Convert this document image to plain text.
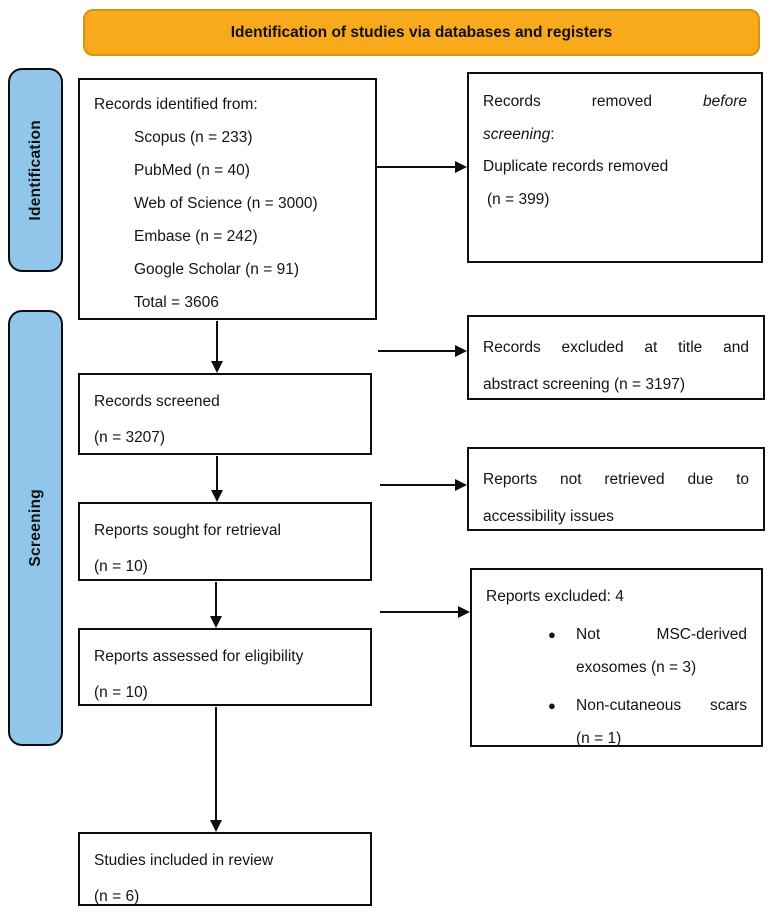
Identification of studies via databases and registers
Identification
Screening
Records identified from:
Scopus (n = 233)
PubMed (n = 40)
Web of Science (n = 3000)
Embase (n = 242)
Google Scholar (n = 91)
Total = 3606
Records screened
(n = 3207)
Reports sought for retrieval
(n = 10)
Reports assessed for eligibility
(n = 10)
Studies included in review
(n = 6)
Records removed before
screening:
Duplicate records removed
(n = 399)
Records excluded at title and
abstract screening (n = 3197)
Reports not retrieved due to
accessibility issues
Reports excluded: 4
● Not MSC-derived
exosomes (n = 3)
● Non-cutaneous scars
(n = 1)
